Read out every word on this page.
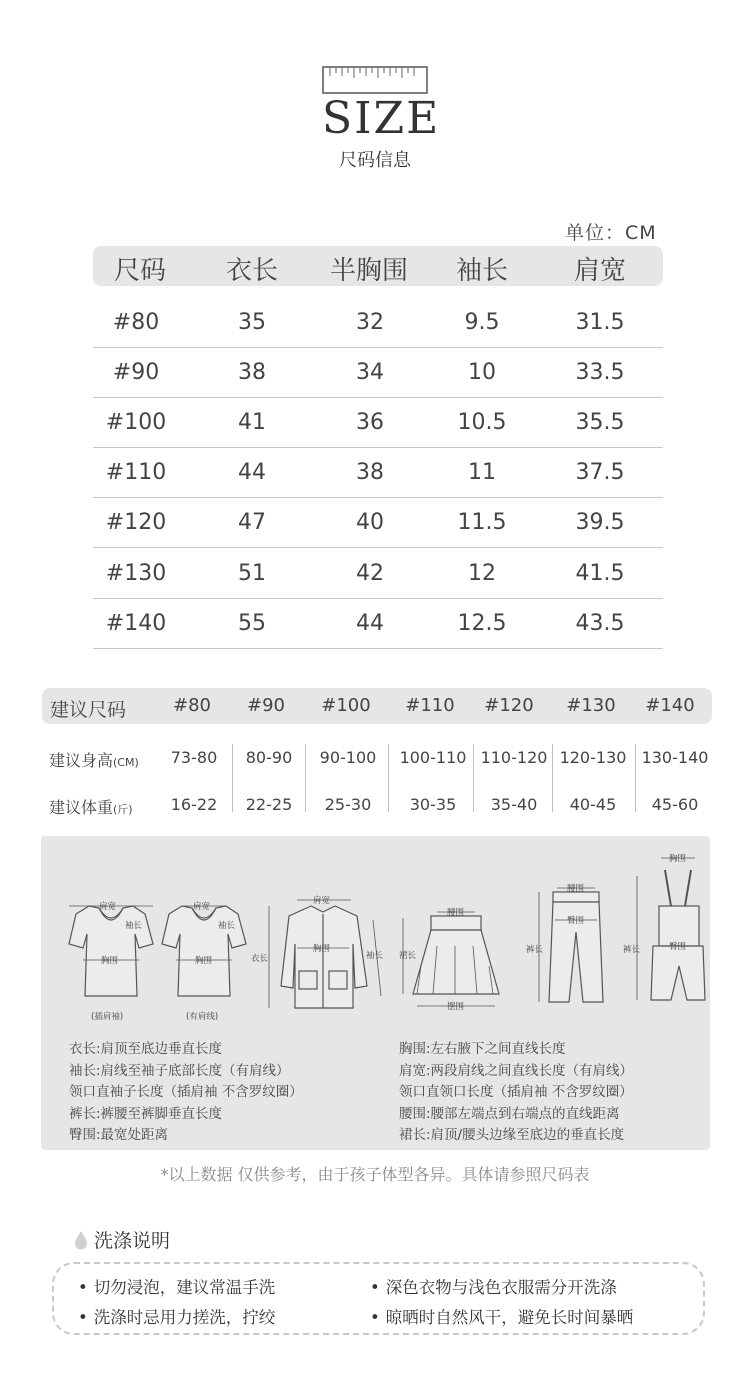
SIZE
尺码信息
单位：CM
尺码 衣长 半胸围 袖长	肩宽
#80	35	32	9.5	31.5
#90	38	34	10	33.5
#100	41	36	10.5	35.5
#110	44	38	11	37.5
#120	47	40	11.5	39.5
#130	51	42	12	41.5
#140	55	44	12.5	43.5
建议尺码	#80 #90 #100 #110 #120 #130 #140
建议身高(CM) 73-80 80-90 90-100 100-110 110-120 120-130 130-140
建议体重(斤) 16-22 22-25 25-30 30-35 35-40 40-45 45-60
肩宽
袖长
胸围
肩宽
袖长
胸围
肩宽
胸围
衣长	袖长
腰围
裙长
摆围
腰围
臀围
裤长
胸围
臀围
裤长
(插肩袖)	(有肩线)
衣长:肩顶至底边垂直长度
袖长:肩线至袖子底部长度（有肩线）
领口直袖子长度（插肩袖 不含罗纹圈）
裤长:裤腰至裤脚垂直长度
臀围:最宽处距离
胸围:左右腋下之间直线长度
肩宽:两段肩线之间直线长度（有肩线）
领口直领口长度（插肩袖 不含罗纹圈）
腰围:腰部左端点到右端点的直线距离
裙长:肩顶/腰头边缘至底边的垂直长度
*以上数据 仅供参考，由于孩子体型各异。具体请参照尺码表
洗涤说明
• 切勿浸泡，建议常温手洗	• 深色衣物与浅色衣服需分开洗涤
• 洗涤时忌用力搓洗，拧绞	• 晾晒时自然风干，避免长时间暴晒
